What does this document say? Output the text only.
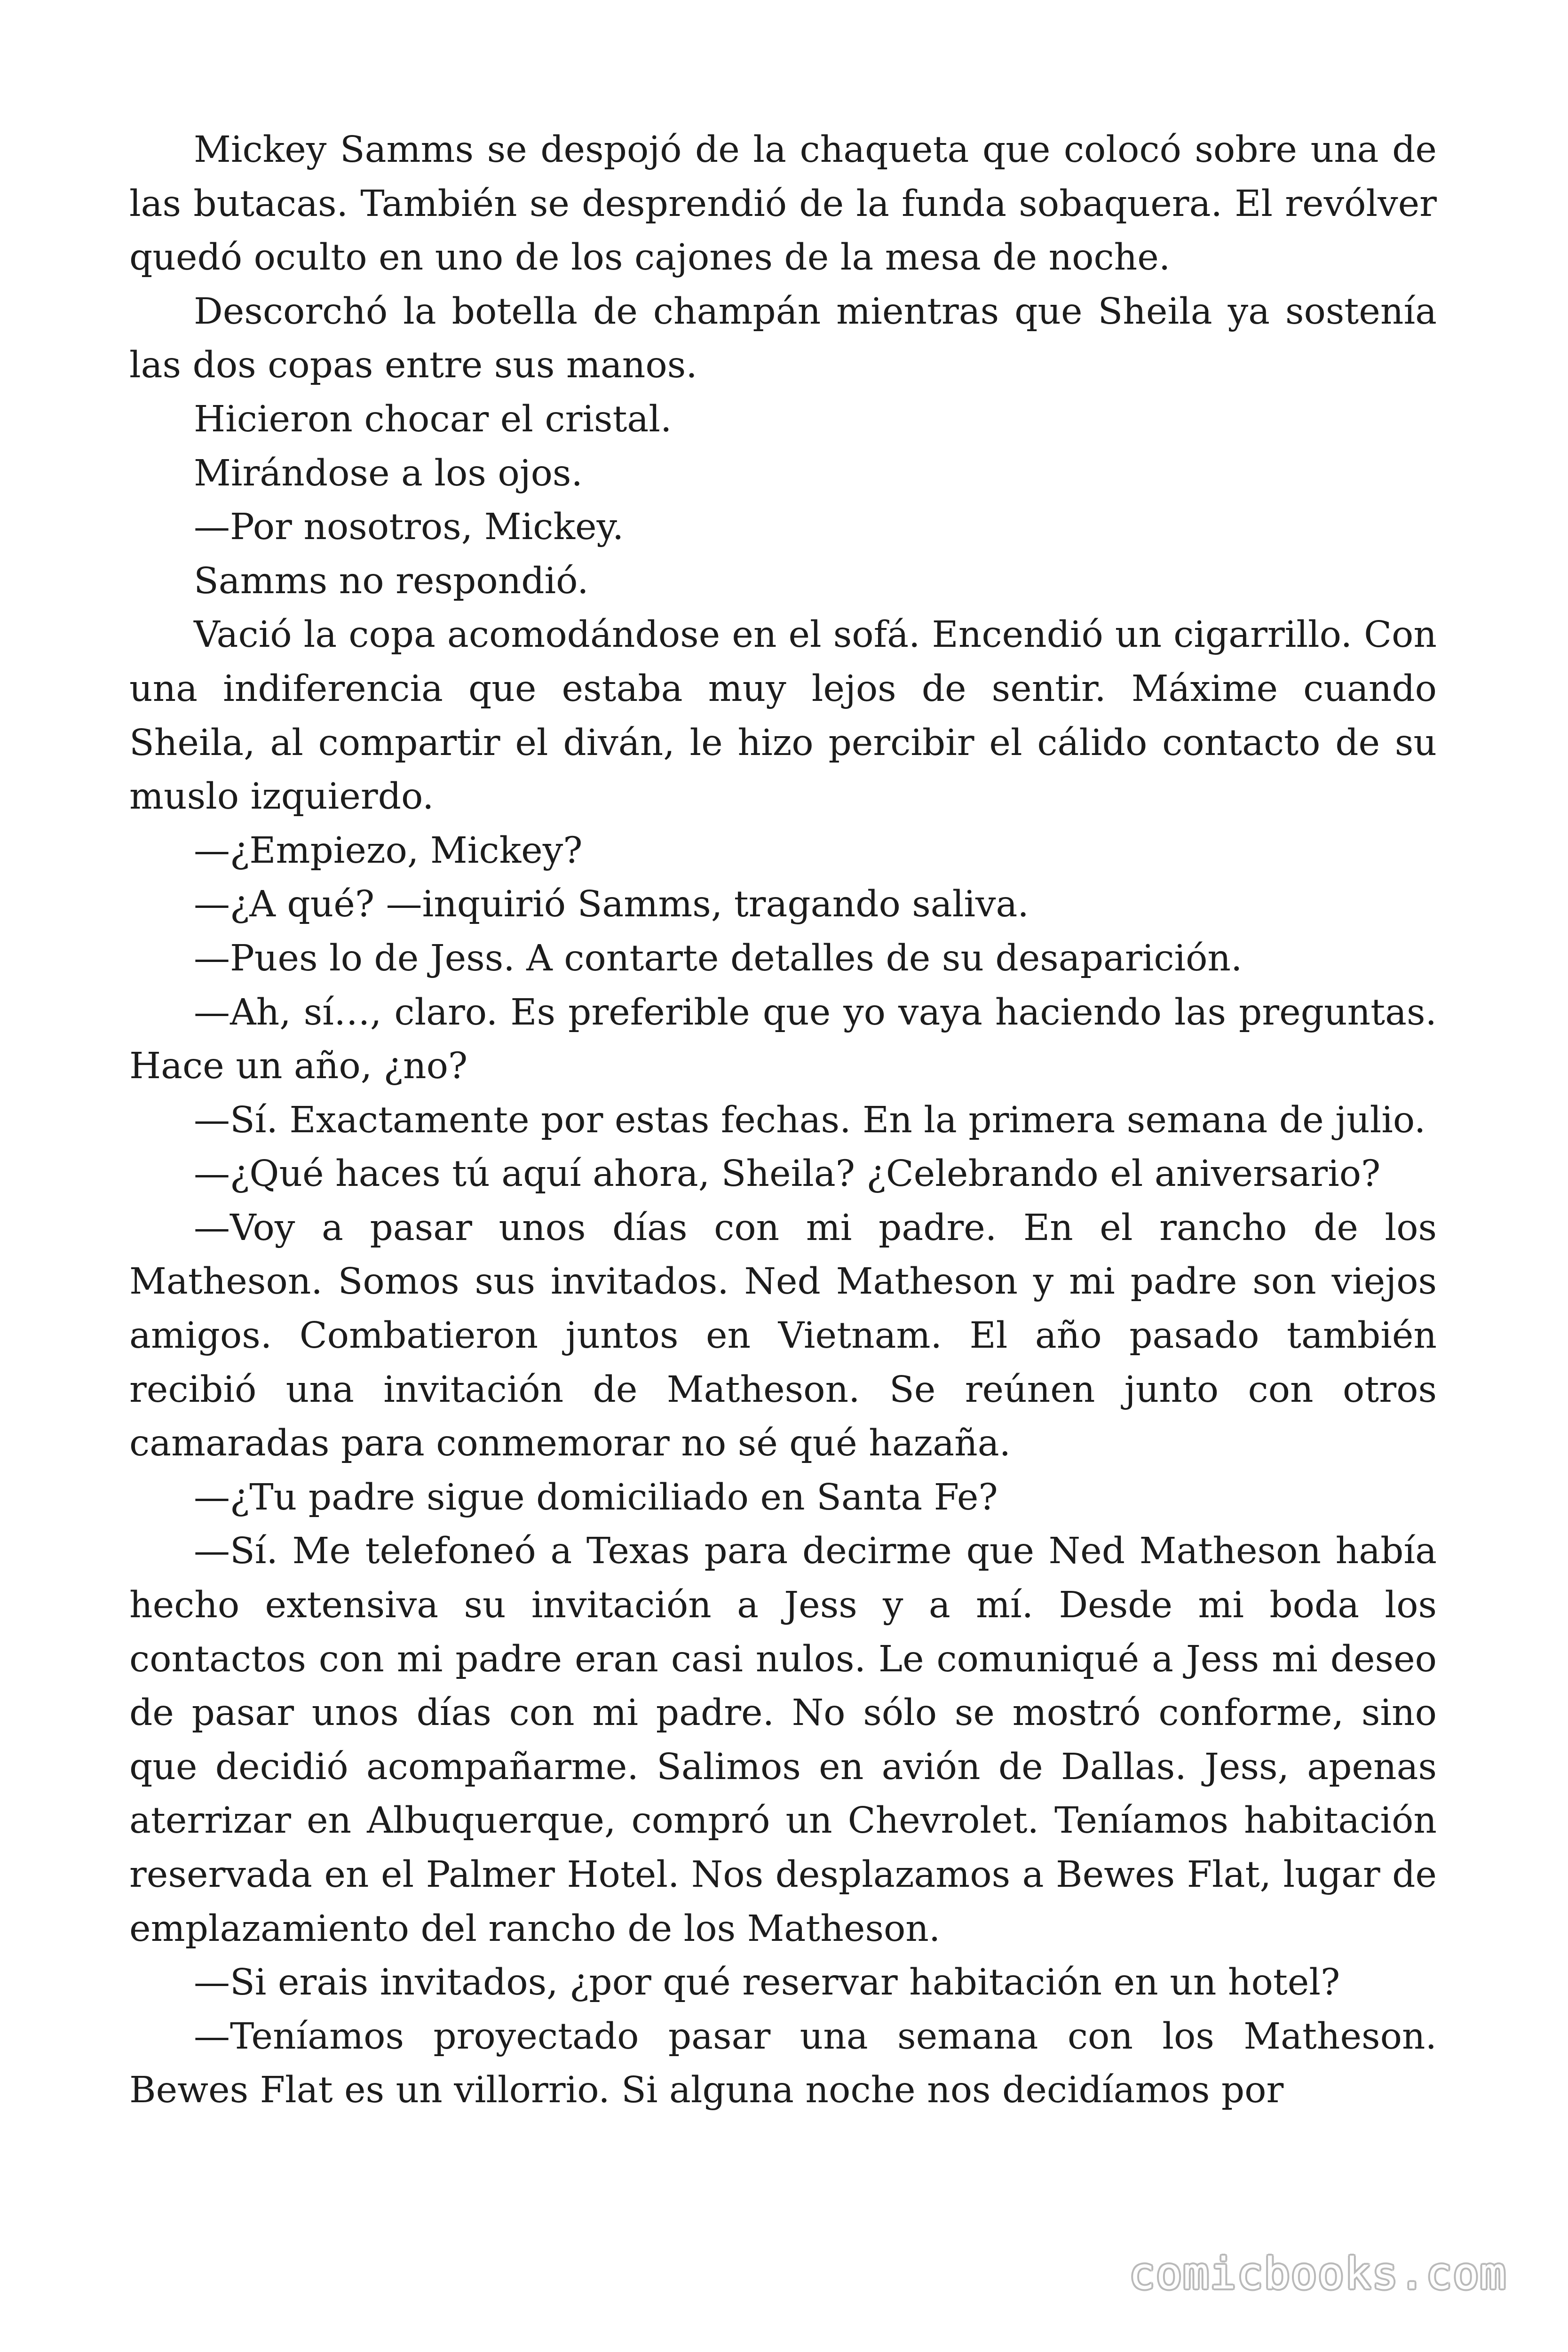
Mickey Samms se despojó de la chaqueta que colocó sobre una de las butacas. También se desprendió de la funda sobaquera. El revólver quedó oculto en uno de los cajones de la mesa de noche.

Descorchó la botella de champán mientras que Sheila ya sostenía las dos copas entre sus manos.

Hicieron chocar el cristal.

Mirándose a los ojos.

—Por nosotros, Mickey.

Samms no respondió.

Vació la copa acomodándose en el sofá. Encendió un cigarrillo. Con una indiferencia que estaba muy lejos de sentir. Máxime cuando Sheila, al compartir el diván, le hizo percibir el cálido contacto de su muslo izquierdo.

—¿Empiezo, Mickey?

—¿A qué? —inquirió Samms, tragando saliva.

—Pues lo de Jess. A contarte detalles de su desaparición.

—Ah, sí…, claro. Es preferible que yo vaya haciendo las preguntas. Hace un año, ¿no?

—Sí. Exactamente por estas fechas. En la primera semana de julio.

—¿Qué haces tú aquí ahora, Sheila? ¿Celebrando el aniversario?

—Voy a pasar unos días con mi padre. En el rancho de los Matheson. Somos sus invitados. Ned Matheson y mi padre son viejos amigos. Combatieron juntos en Vietnam. El año pasado también recibió una invitación de Matheson. Se reúnen junto con otros camaradas para conmemorar no sé qué hazaña.

—¿Tu padre sigue domiciliado en Santa Fe?

—Sí. Me telefoneó a Texas para decirme que Ned Matheson había hecho extensiva su invitación a Jess y a mí. Desde mi boda los contactos con mi padre eran casi nulos. Le comuniqué a Jess mi deseo de pasar unos días con mi padre. No sólo se mostró conforme, sino que decidió acompañarme. Salimos en avión de Dallas. Jess, apenas aterrizar en Albuquerque, compró un Chevrolet. Teníamos habitación reservada en el Palmer Hotel. Nos desplazamos a Bewes Flat, lugar de emplazamiento del rancho de los Matheson.

—Si erais invitados, ¿por qué reservar habitación en un hotel?

—Teníamos proyectado pasar una semana con los Matheson. Bewes Flat es un villorrio. Si alguna noche nos decidíamos por

comicbooks.com
